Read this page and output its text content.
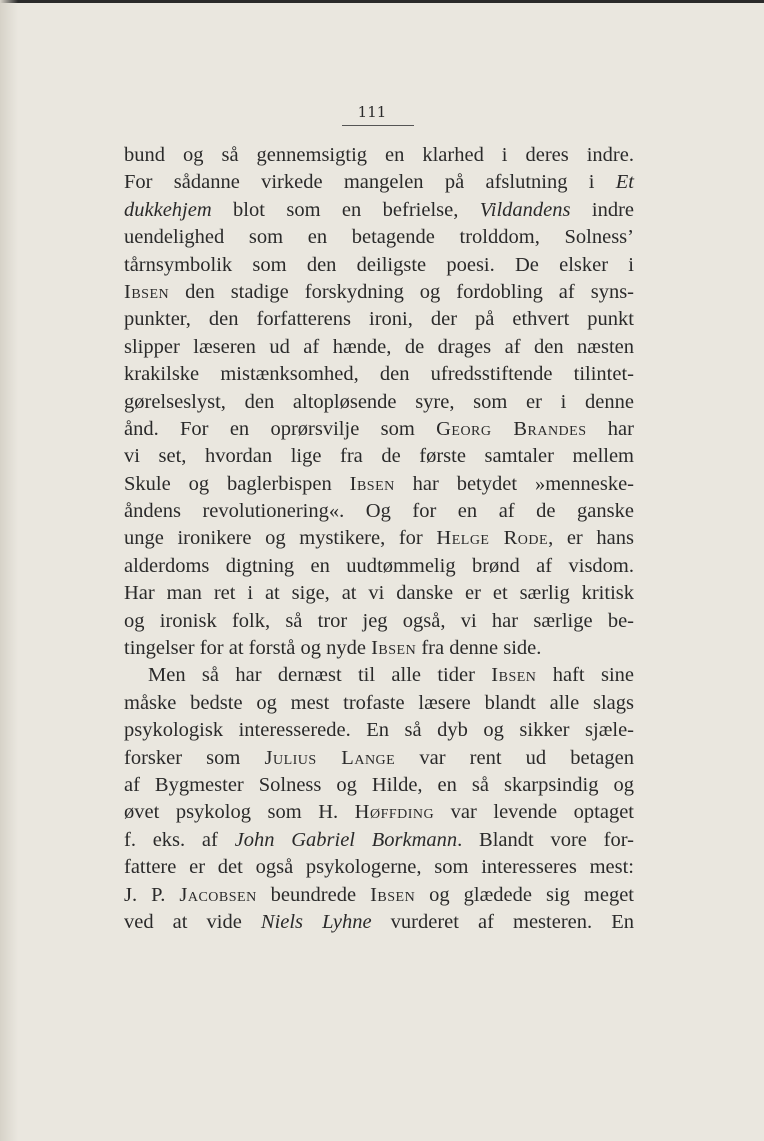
111
bund og så gennemsigtig en klarhed i deres indre.
For sådanne virkede mangelen på afslutning i Et
dukkehjem blot som en befrielse, Vildandens indre
uendelighed som en betagende trolddom, Solness’
tårnsymbolik som den deiligste poesi. De elsker i
Ibsen den stadige forskydning og fordobling af syns-
punkter, den forfatterens ironi, der på ethvert punkt
slipper læseren ud af hænde, de drages af den næsten
krakilske mistænksomhed, den ufredsstiftende tilintet-
gørelseslyst, den altopløsende syre, som er i denne
ånd. For en oprørsvilje som Georg Brandes har
vi set, hvordan lige fra de første samtaler mellem
Skule og baglerbispen Ibsen har betydet »menneske-
åndens revolutionering«. Og for en af de ganske
unge ironikere og mystikere, for Helge Rode, er hans
alderdoms digtning en uudtømmelig brønd af visdom.
Har man ret i at sige, at vi danske er et særlig kritisk
og ironisk folk, så tror jeg også, vi har særlige be-
tingelser for at forstå og nyde Ibsen fra denne side.
Men så har dernæst til alle tider Ibsen haft sine
måske bedste og mest trofaste læsere blandt alle slags
psykologisk interesserede. En så dyb og sikker sjæle-
forsker som Julius Lange var rent ud betagen
af Bygmester Solness og Hilde, en så skarpsindig og
øvet psykolog som H. Høffding var levende optaget
f. eks. af John Gabriel Borkmann. Blandt vore for-
fattere er det også psykologerne, som interesseres mest:
J. P. Jacobsen beundrede Ibsen og glædede sig meget
ved at vide Niels Lyhne vurderet af mesteren. En
